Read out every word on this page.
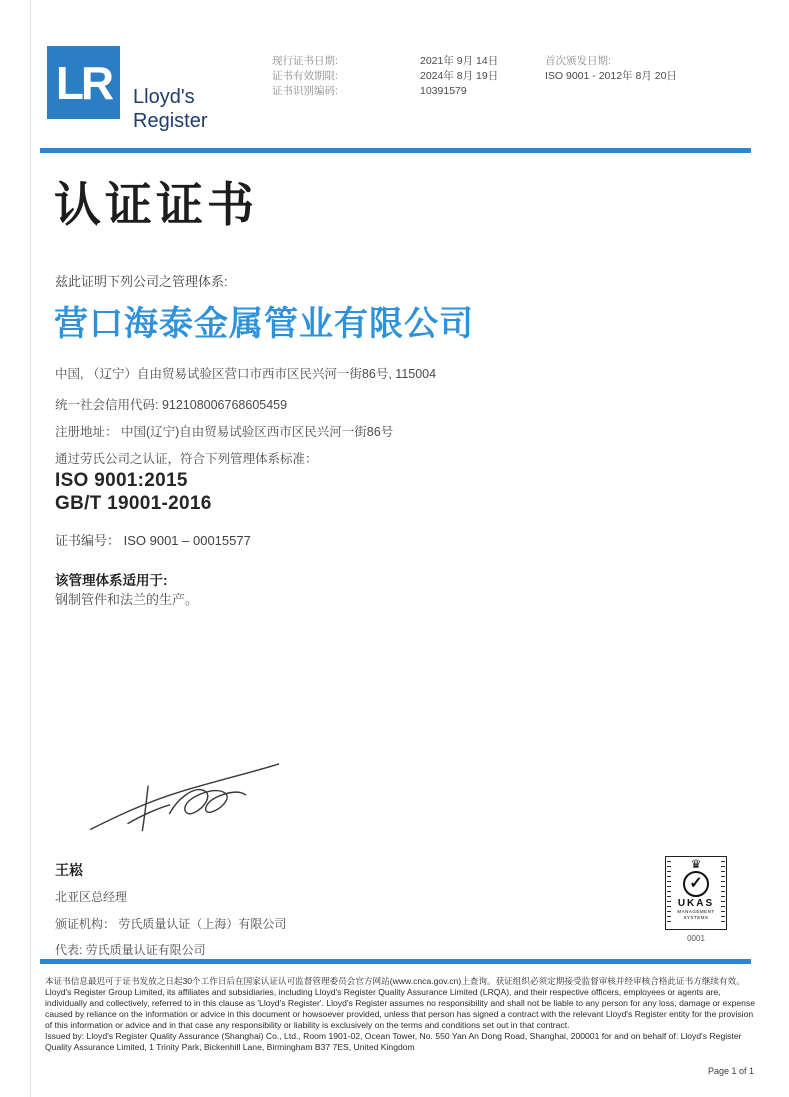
LR Lloyd's
Register
现行证书日期:
证书有效期限:
证书识别编码:
2021年 9月 14日
2024年 8月 19日
10391579
首次颁发日期:
ISO 9001 - 2012年 8月 20日
认证证书
兹此证明下列公司之管理体系:
营口海泰金属管业有限公司
中国, （辽宁）自由贸易试验区营口市西市区民兴河一街86号, 115004
统一社会信用代码: 912108006768605459
注册地址： 中国(辽宁)自由贸易试验区西市区民兴河一街86号
通过劳氏公司之认证，符合下列管理体系标准：
ISO 9001:2015
GB/T 19001-2016
证书编号： ISO 9001 – 00015577
该管理体系适用于:
钢制管件和法兰的生产。
王崧
北亚区总经理
颁证机构： 劳氏质量认证（上海）有限公司
代表: 劳氏质量认证有限公司
♛
✓
UKAS
MANAGEMENT
SYSTEMS
0001

本证书信息最迟可于证书发放之日起30个工作日后在国家认证认可监督管理委员会官方网站(www.cnca.gov.cn)上查询。获证组织必须定期接受监督审核并经审核合格此证书方继续有效。

Lloyd's Register Group Limited, its affiliates and subsidiaries, including Lloyd's Register Quality Assurance Limited (LRQA), and their respective officers, employees or agents are, individually and collectively, referred to in this clause as 'Lloyd's Register'. Lloyd's Register assumes no responsibility and shall not be liable to any person for any loss, damage or expense caused by reliance on the information or advice in this document or howsoever provided, unless that person has signed a contract with the relevant Lloyd's Register entity for the provision of this information or advice and in that case any responsibility or liability is exclusively on the terms and conditions set out in that contract.

Issued by: Lloyd's Register Quality Assurance (Shanghai) Co., Ltd., Room 1901-02, Ocean Tower, No. 550 Yan An Dong Road, Shanghai, 200001 for and on behalf of: Lloyd's Register Quality Assurance Limited, 1 Trinity Park, Bickenhill Lane, Birmingham B37 7ES, United Kingdom

Page 1 of 1
